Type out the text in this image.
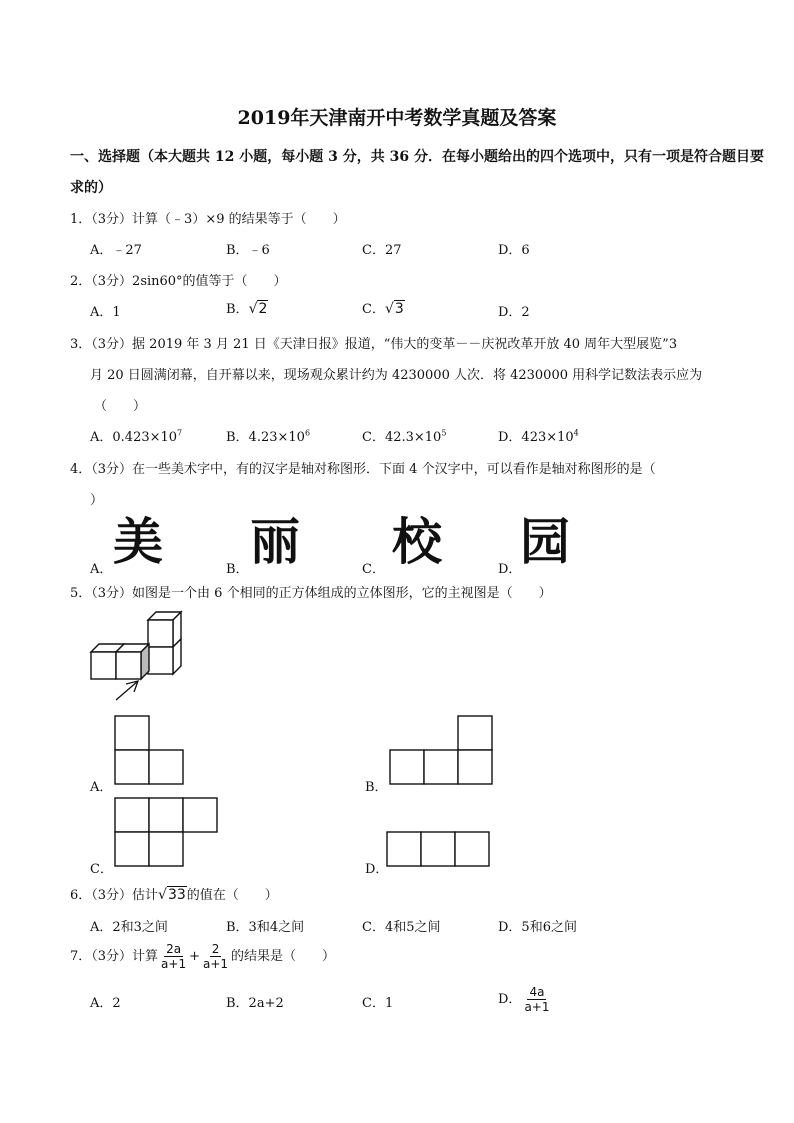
2019年天津南开中考数学真题及答案
一、选择题（本大题共 12 小题，每小题 3 分，共 36 分．在每小题给出的四个选项中，只有一项是符合题目要
求的）
1．（3分）计算（﹣3）×9 的结果等于（　　）
A．﹣27	B．﹣6	C．27	D．6
2．（3分）2sin60°的值等于（　　）
A．1	B．√2	C．√3	D．2
3．（3分）据 2019 年 3 月 21 日《天津日报》报道，“伟大的变革－－庆祝改革开放 40 周年大型展览”3
月 20 日圆满闭幕，自开幕以来，现场观众累计约为 4230000 人次．将 4230000 用科学记数法表示应为
（　　）
A．$0.423\times 10^7$	B．$4.23\times 10^6$	C．$42.3\times 10^5$	D．$423\times 10^4$
4．（3分）在一些美术字中，有的汉字是轴对称图形．下面 4 个汉字中，可以看作是轴对称图形的是（
）
美 丽 校 园
A．	B．	C．	D．
5．（3分）如图是一个由 6 个相同的正方体组成的立体图形，它的主视图是（　　）
A．	B．
C．	D．
6．（3分）估计√33的值在（　　）
A．2和3之间	B．3和4之间	C．4和5之间	D．5和6之间
7．（3分）计算 $\frac{2a}{a+1} + \frac{2}{a+1}$ 的结果是（　　）
A．2	B．2a+2	C．1	D． $\frac{4a}{a+1}$
